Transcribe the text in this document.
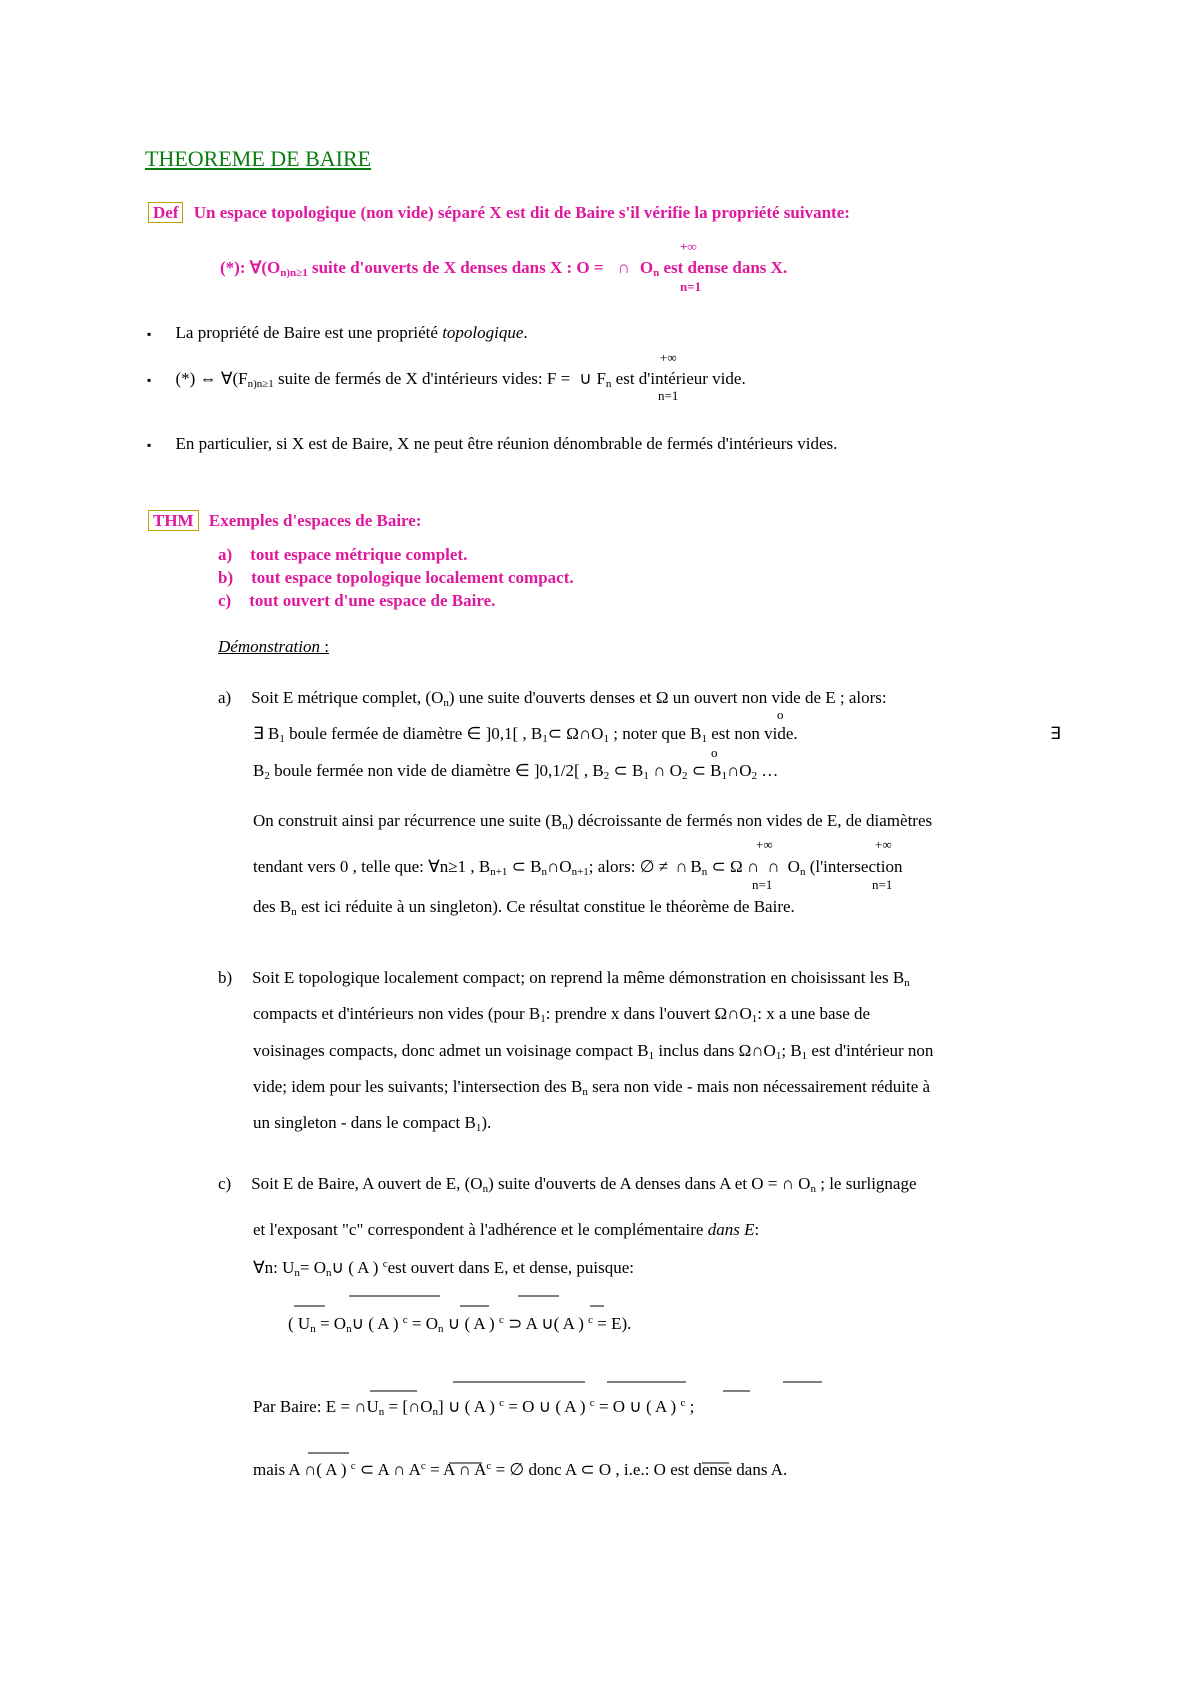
THEOREME DE BAIRE
Def Un espace topologique (non vide) séparé X est dit de Baire s'il vérifie la propriété suivante:
+∞
(*): $\forall(O_{n)n\ge 1}$ suite d'ouverts de X denses dans X : O = ∩ $O_n$ est dense dans X.
n=1
▪ La propriété de Baire est une propriété topologique.
+∞
▪ (*) ⇔ $\forall(F_{n)n\ge 1}$ suite de fermés de X d'intérieurs vides: F = ∪ $F_n$ est d'intérieur vide.
n=1
▪ En particulier, si X est de Baire, X ne peut être réunion dénombrable de fermés d'intérieurs vides.
THM Exemples d'espaces de Baire:
a) tout espace métrique complet.
b) tout espace topologique localement compact.
c) tout ouvert d'une espace de Baire.
Démonstration :
a) Soit E métrique complet, $(O_n)$ une suite d'ouverts denses et Ω un ouvert non vide de E ; alors:
∃ $B_1$ boule fermée de diamètre ∈ ]0,1[ , $B_1\subset$ $\Omega\cap O_1$ ; noter que $B_1$ est non vide.
o
∃
o
$B_2$ boule fermée non vide de diamètre ∈ ]0,1/2[ , $B_2$ ⊂ $B_1$ ∩ $O_2$ ⊂ $B_1\cap O_2$ …
On construit ainsi par récurrence une suite $(B_n)$ décroissante de fermés non vides de E, de diamètres
+∞	+∞
tendant vers 0 , telle que: ∀n≥1 , $B_{n+1}$ ⊂ $B_n\cap O_{n+1}$; alors: ∅ ≠ ∩ $B_n$ ⊂ Ω ∩ ∩ $O_n$ (l'intersection
n=1	n=1
des $B_n$ est ici réduite à un singleton). Ce résultat constitue le théorème de Baire.
b) Soit E topologique localement compact; on reprend la même démonstration en choisissant les $B_n$
compacts et d'intérieurs non vides (pour $B_1$: prendre x dans l'ouvert $\Omega\cap O_1$: x a une base de
voisinages compacts, donc admet un voisinage compact $B_1$ inclus dans $\Omega\cap O_1$; $B_1$ est d'intérieur non
vide; idem pour les suivants; l'intersection des $B_n$ sera non vide - mais non nécessairement réduite à
un singleton - dans le compact $B_1$).
c) Soit E de Baire, A ouvert de E, $(O_n)$ suite d'ouverts de A denses dans A et O = ∩ $O_n$ ; le surlignage
et l'exposant "c" correspondent à l'adhérence et le complémentaire dans E:
∀n: $U_n=$ $O_n\cup$ ( A ) $^c$est ouvert dans E, et dense, puisque:
( $U_n$ = $O_n\cup$ ( A ) $^c = O_n$ ∪ ( A ) $^c$ ⊃ A ∪( A ) $^c$ = E).
Par Baire: $E = \cap U_n$ = $[\cap O_n]$ ∪ ( A ) $^c$ = O ∪ ( A ) $^c$ = O ∪ ( A ) $^c$ ;
mais A ∩( A ) $^c$ ⊂ A ∩ $A^c = A$ ∩ $A^c$ = ∅ donc A ⊂ O , i.e.: O est dense dans A.
